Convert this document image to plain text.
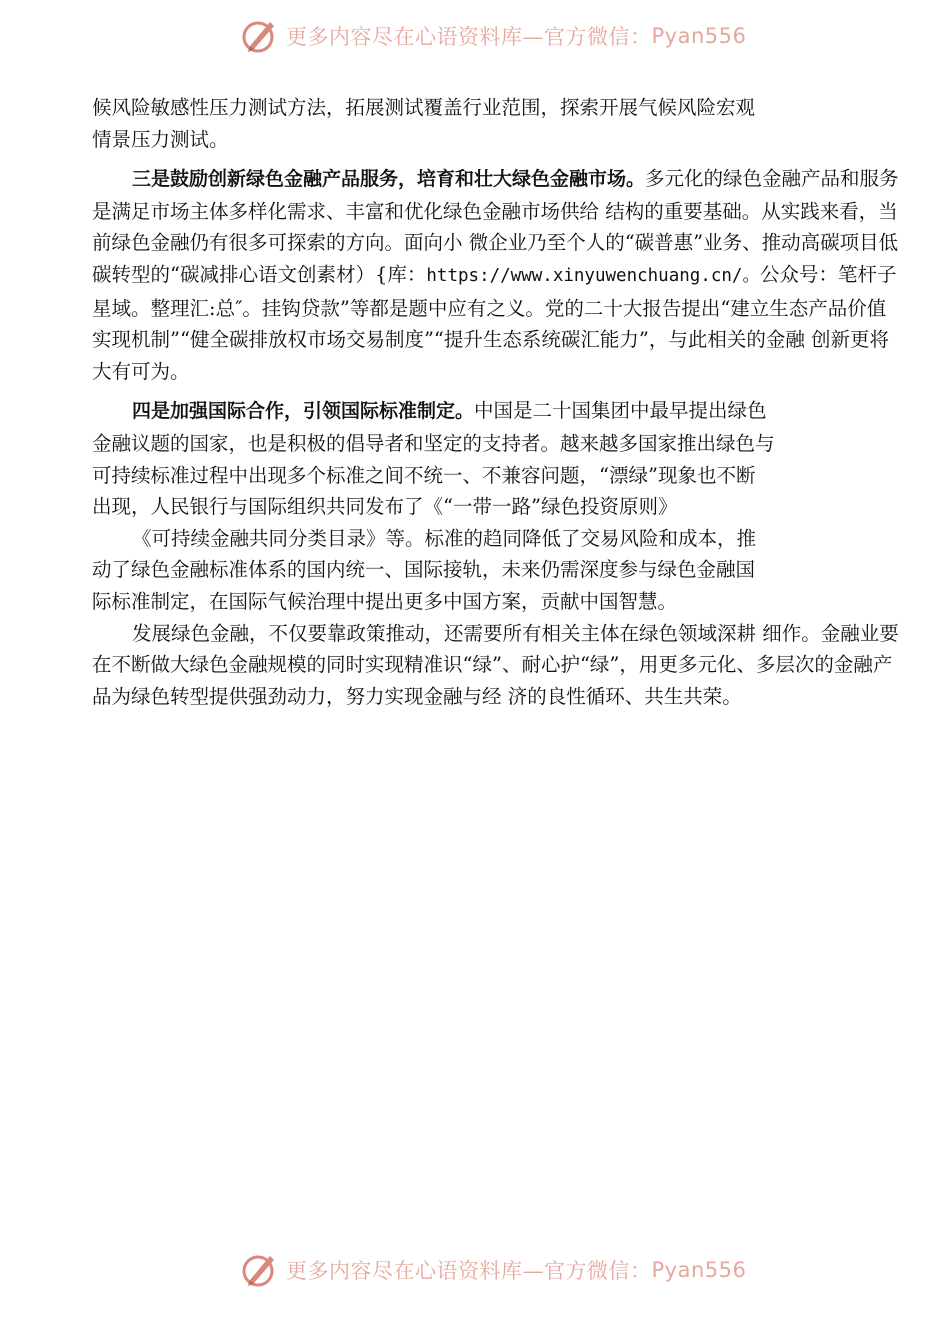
更多内容尽在心语资料库—官方微信： Pyan556

候风险敏感性压力测试方法，拓展测试覆盖行业范围，探索开展气候风险宏观
情景压力测试。

三是鼓励创新绿色金融产品服务，培育和壮大绿色金融市场。多元化的绿色金融产品和服务是满足市场主体多样化需求、丰富和优化绿色金融市场供给 结构的重要基础。从实践来看，当前绿色金融仍有很多可探索的方向。面向小 微企业乃至个人的“碳普惠”业务、推动高碳项目低碳转型的“碳减排心语文创素材）{库：https://www.xinyuwenchuang.cn/。公众号：笔杆子星域。整理汇:总″。挂钩贷款”等都是题中应有之义。党的二十大报告提出“建立生态产品价值实现机制”“健全碳排放权市场交易制度”“提升生态系统碳汇能力”，与此相关的金融 创新更将大有可为。

四是加强国际合作，引领国际标准制定。中国是二十国集团中最早提出绿色
金融议题的国家，也是积极的倡导者和坚定的支持者。越来越多国家推出绿色与
可持续标准过程中出现多个标准之间不统一、不兼容问题，“漂绿”现象也不断
出现，人民银行与国际组织共同发布了《“一带一路”绿色投资原则》
《可持续金融共同分类目录》等。标准的趋同降低了交易风险和成本，推
动了绿色金融标准体系的国内统一、国际接轨，未来仍需深度参与绿色金融国
际标准制定，在国际气候治理中提出更多中国方案，贡献中国智慧。

发展绿色金融，不仅要靠政策推动，还需要所有相关主体在绿色领域深耕 细作。金融业要在不断做大绿色金融规模的同时实现精准识“绿”、耐心护“绿”，用更多元化、多层次的金融产品为绿色转型提供强劲动力，努力实现金融与经 济的良性循环、共生共荣。

更多内容尽在心语资料库—官方微信： Pyan556
